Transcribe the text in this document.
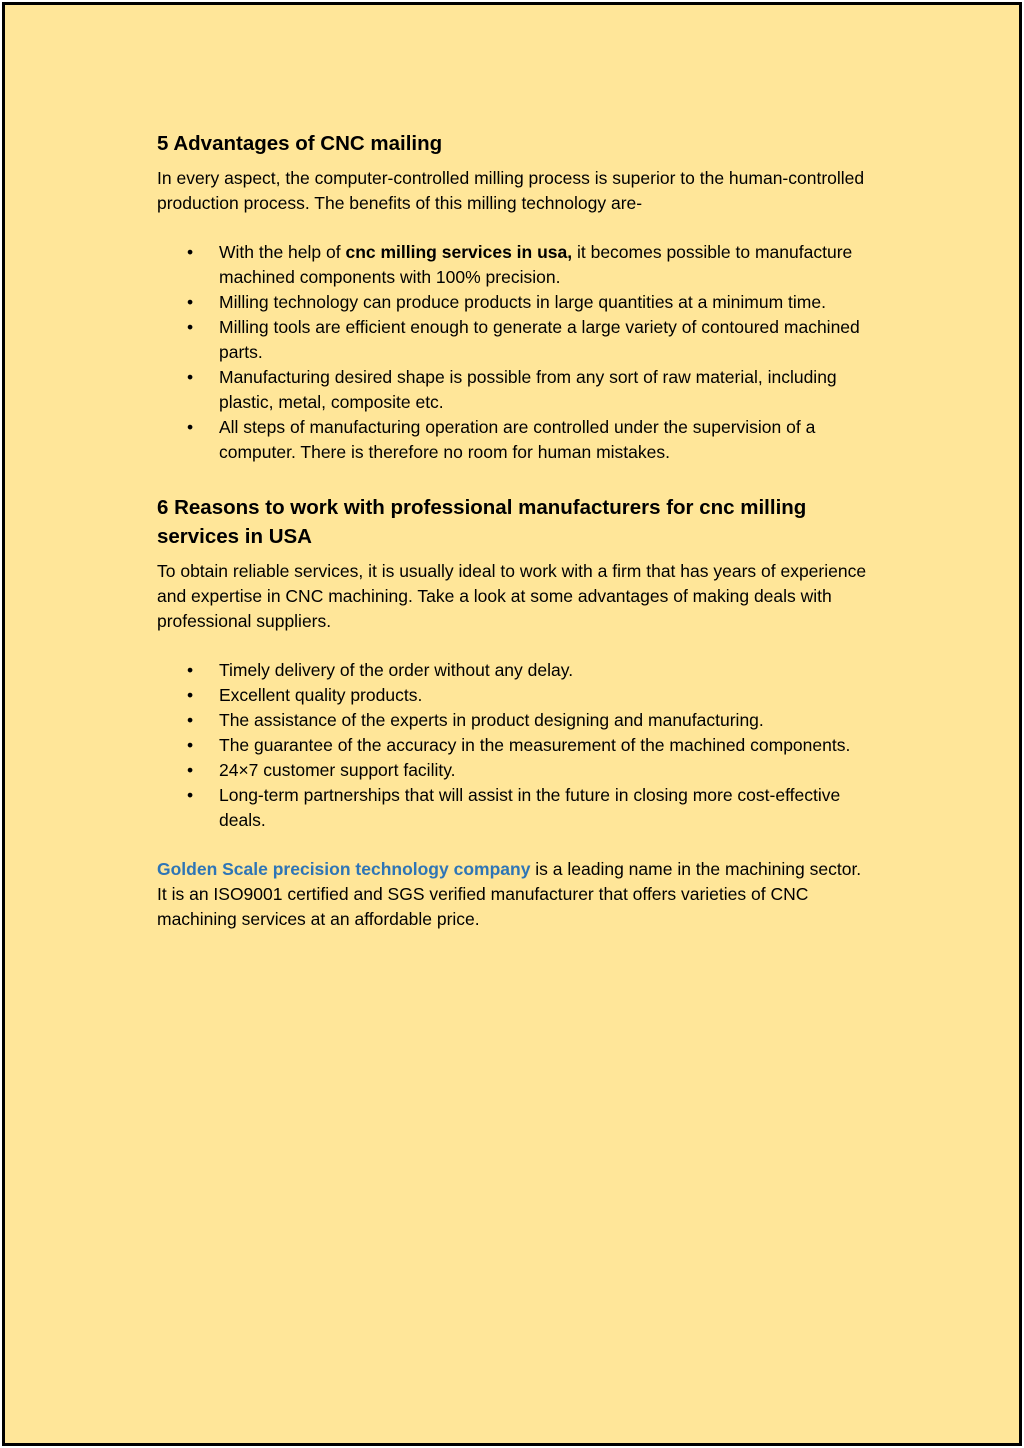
5 Advantages of CNC mailing

In every aspect, the computer-controlled milling process is superior to the human-controlled production process. The benefits of this milling technology are-

• With the help of cnc milling services in usa, it becomes possible to manufacture machined components with 100% precision.
• Milling technology can produce products in large quantities at a minimum time.
• Milling tools are efficient enough to generate a large variety of contoured machined parts.
• Manufacturing desired shape is possible from any sort of raw material, including plastic, metal, composite etc.
• All steps of manufacturing operation are controlled under the supervision of a computer. There is therefore no room for human mistakes.
6 Reasons to work with professional manufacturers for cnc milling services in USA

To obtain reliable services, it is usually ideal to work with a firm that has years of experience and expertise in CNC machining. Take a look at some advantages of making deals with professional suppliers.

• Timely delivery of the order without any delay.
• Excellent quality products.
• The assistance of the experts in product designing and manufacturing.
• The guarantee of the accuracy in the measurement of the machined components.
• 24×7 customer support facility.
• Long-term partnerships that will assist in the future in closing more cost-effective deals.

Golden Scale precision technology company is a leading name in the machining sector. It is an ISO9001 certified and SGS verified manufacturer that offers varieties of CNC machining services at an affordable price.
